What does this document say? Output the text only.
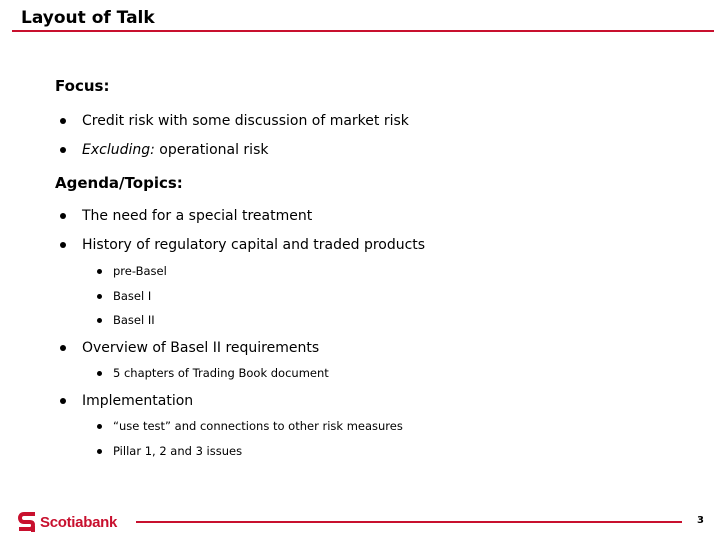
Layout of Talk
Focus:
Credit risk with some discussion of market risk
Excluding: operational risk
Agenda/Topics:
The need for a special treatment
History of regulatory capital and traded products
pre-Basel
Basel I
Basel II
Overview of Basel II requirements
5 chapters of Trading Book document
Implementation
“use test” and connections to other risk measures
Pillar 1, 2 and 3 issues
Scotiabank	3
